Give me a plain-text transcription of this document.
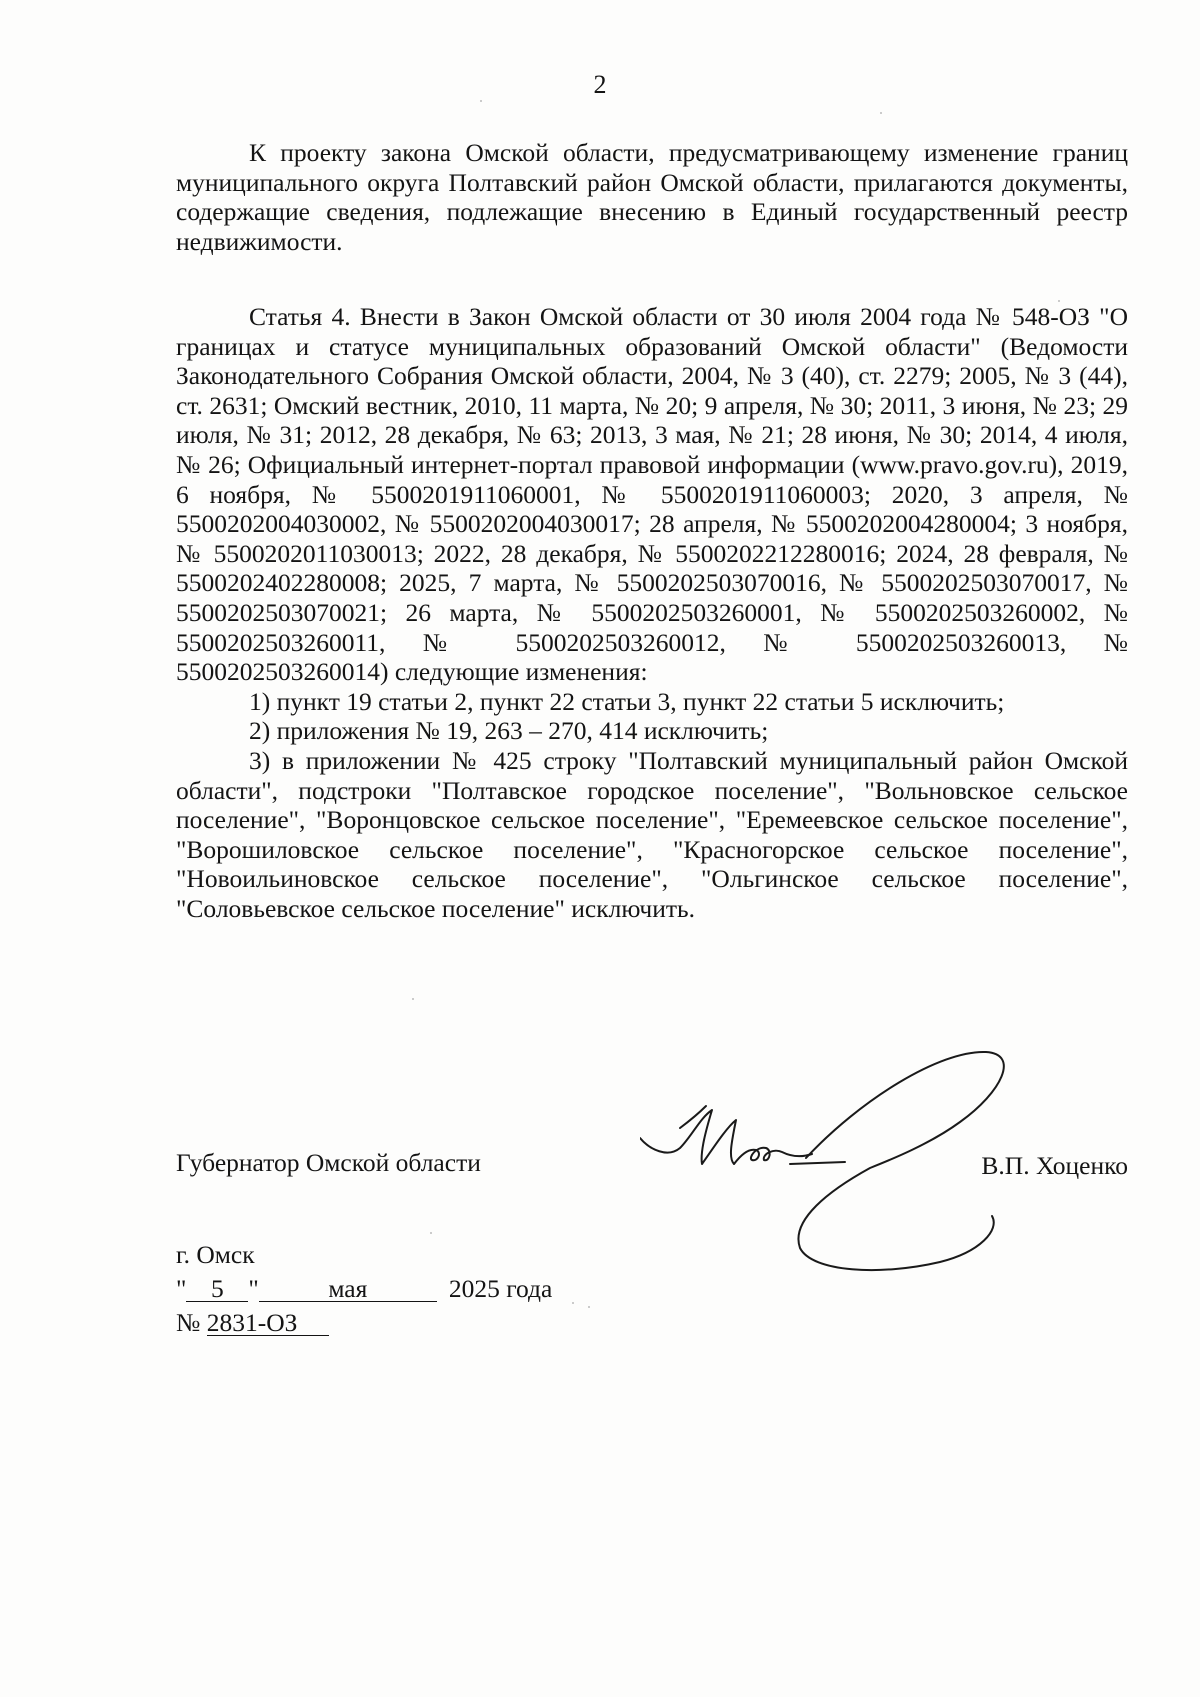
2

К проекту закона Омской области, предусматривающему изменение границ муниципального округа Полтавский район Омской области, прилагаются документы, содержащие сведения, подлежащие внесению в Единый государственный реестр недвижимости.

Статья 4. Внести в Закон Омской области от 30 июля 2004 года № 548-ОЗ "О границах и статусе муниципальных образований Омской области" (Ведомости Законодательного Собрания Омской области, 2004, № 3 (40), ст. 2279; 2005, № 3 (44), ст. 2631; Омский вестник, 2010, 11 марта, № 20; 9 апреля, № 30; 2011, 3 июня, № 23; 29 июля, № 31; 2012, 28 декабря, № 63; 2013, 3 мая, № 21; 28 июня, № 30; 2014, 4 июля, № 26; Официальный интернет-портал правовой информации (www.pravo.gov.ru), 2019, 6 ноября, № 5500201911060001, № 5500201911060003; 2020, 3 апреля, № 5500202004030002, № 5500202004030017; 28 апреля, № 5500202004280004; 3 ноября, № 5500202011030013; 2022, 28 декабря, № 5500202212280016; 2024, 28 февраля, № 5500202402280008; 2025, 7 марта, № 5500202503070016, № 5500202503070017, № 5500202503070021; 26 марта, № 5500202503260001, № 5500202503260002, № 5500202503260011, № 5500202503260012, № 5500202503260013, № 5500202503260014) следующие изменения:

1) пункт 19 статьи 2, пункт 22 статьи 3, пункт 22 статьи 5 исключить;

2) приложения № 19, 263 – 270, 414 исключить;

3) в приложении № 425 строку "Полтавский муниципальный район Омской области", подстроки "Полтавское городское поселение", "Вольновское сельское поселение", "Воронцовское сельское поселение", "Еремеевское сельское поселение", "Ворошиловское сельское поселение", "Красногорское сельское поселение", "Новоильиновское сельское поселение", "Ольгинское сельское поселение", "Соловьевское сельское поселение" исключить.

Губернатор Омской области	В.П. Хоценко
г. Омск
" 5 "	мая	2025 года
№ 2831-ОЗ
